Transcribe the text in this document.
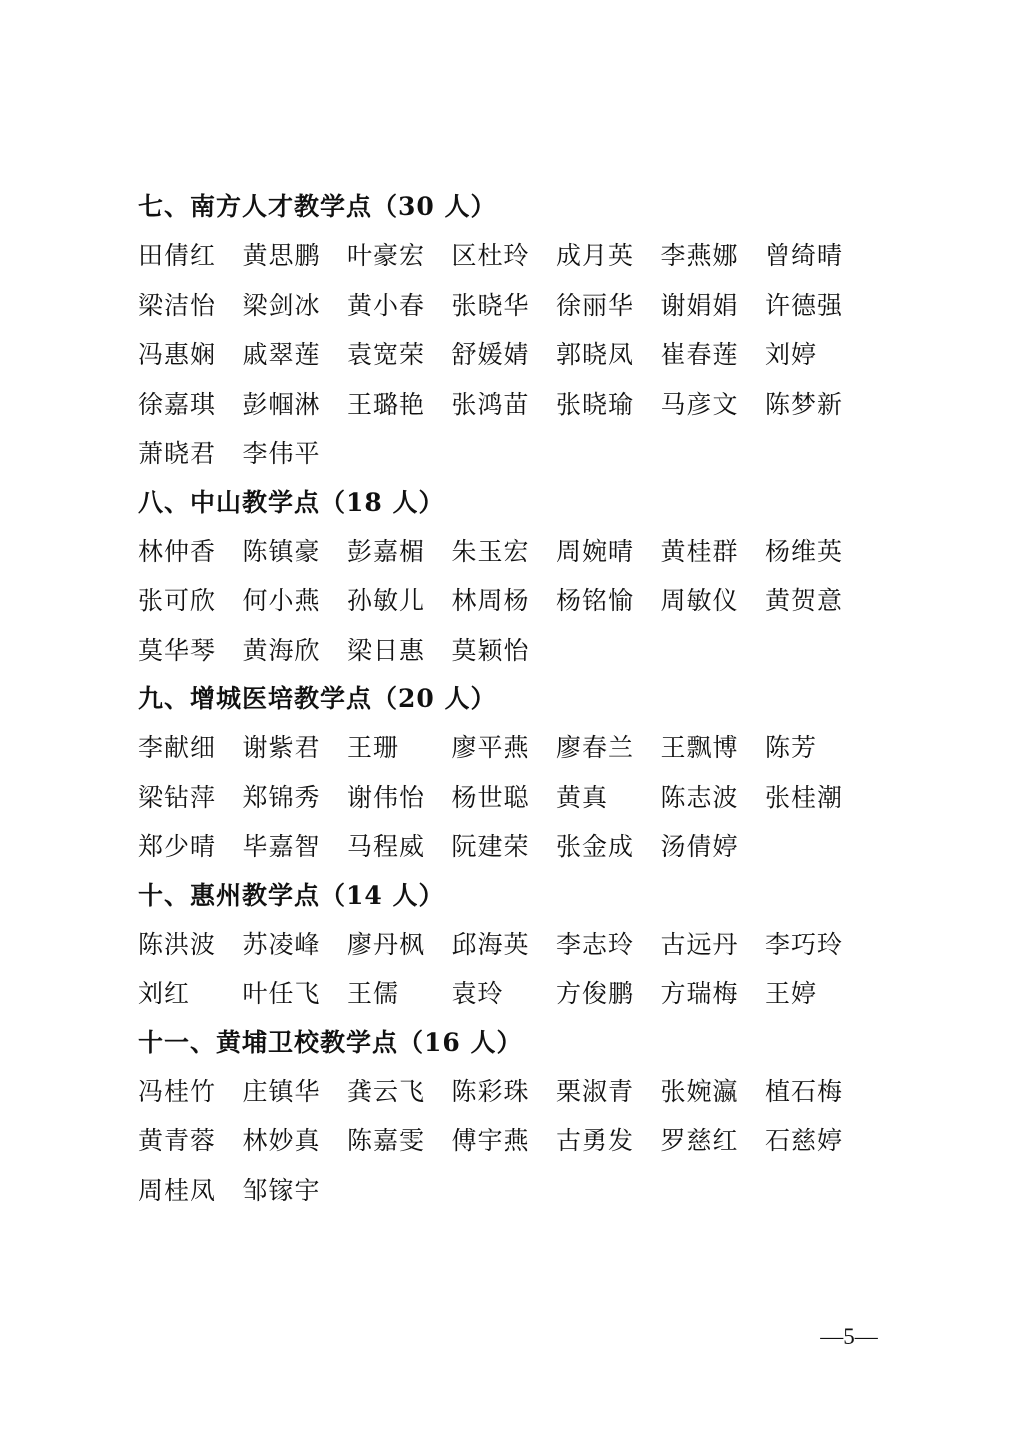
七、南方人才教学点（30 人）
田倩红 黄思鹏 叶豪宏 区杜玲 成月英 李燕娜 曾绮晴
梁洁怡 梁剑冰 黄小春 张晓华 徐丽华 谢娟娟 许德强
冯惠娴 戚翠莲 袁宽荣 舒媛婧 郭晓凤 崔春莲 刘婷
徐嘉琪 彭帼淋 王璐艳 张鸿苗 张晓瑜 马彦文 陈梦新
萧晓君 李伟平
八、中山教学点（18 人）
林仲香 陈镇豪 彭嘉楣 朱玉宏 周婉晴 黄桂群 杨维英
张可欣 何小燕 孙敏儿 林周杨 杨铭愉 周敏仪 黄贺意
莫华琴 黄海欣 梁日惠 莫颖怡
九、增城医培教学点（20 人）
李献细 谢紫君 王珊 廖平燕 廖春兰 王飘博 陈芳
梁钻萍 郑锦秀 谢伟怡 杨世聪 黄真 陈志波 张桂潮
郑少晴 毕嘉智 马程威 阮建荣 张金成 汤倩婷
十、惠州教学点（14 人）
陈洪波 苏凌峰 廖丹枫 邱海英 李志玲 古远丹 李巧玲
刘红 叶任飞 王儒 袁玲 方俊鹏 方瑞梅 王婷
十一、黄埔卫校教学点（16 人）
冯桂竹 庄镇华 龚云飞 陈彩珠 栗淑青 张婉瀛 植石梅
黄青蓉 林妙真 陈嘉雯 傅宇燕 古勇发 罗慈红 石慈婷
周桂凤 邹镓宇
—5—
